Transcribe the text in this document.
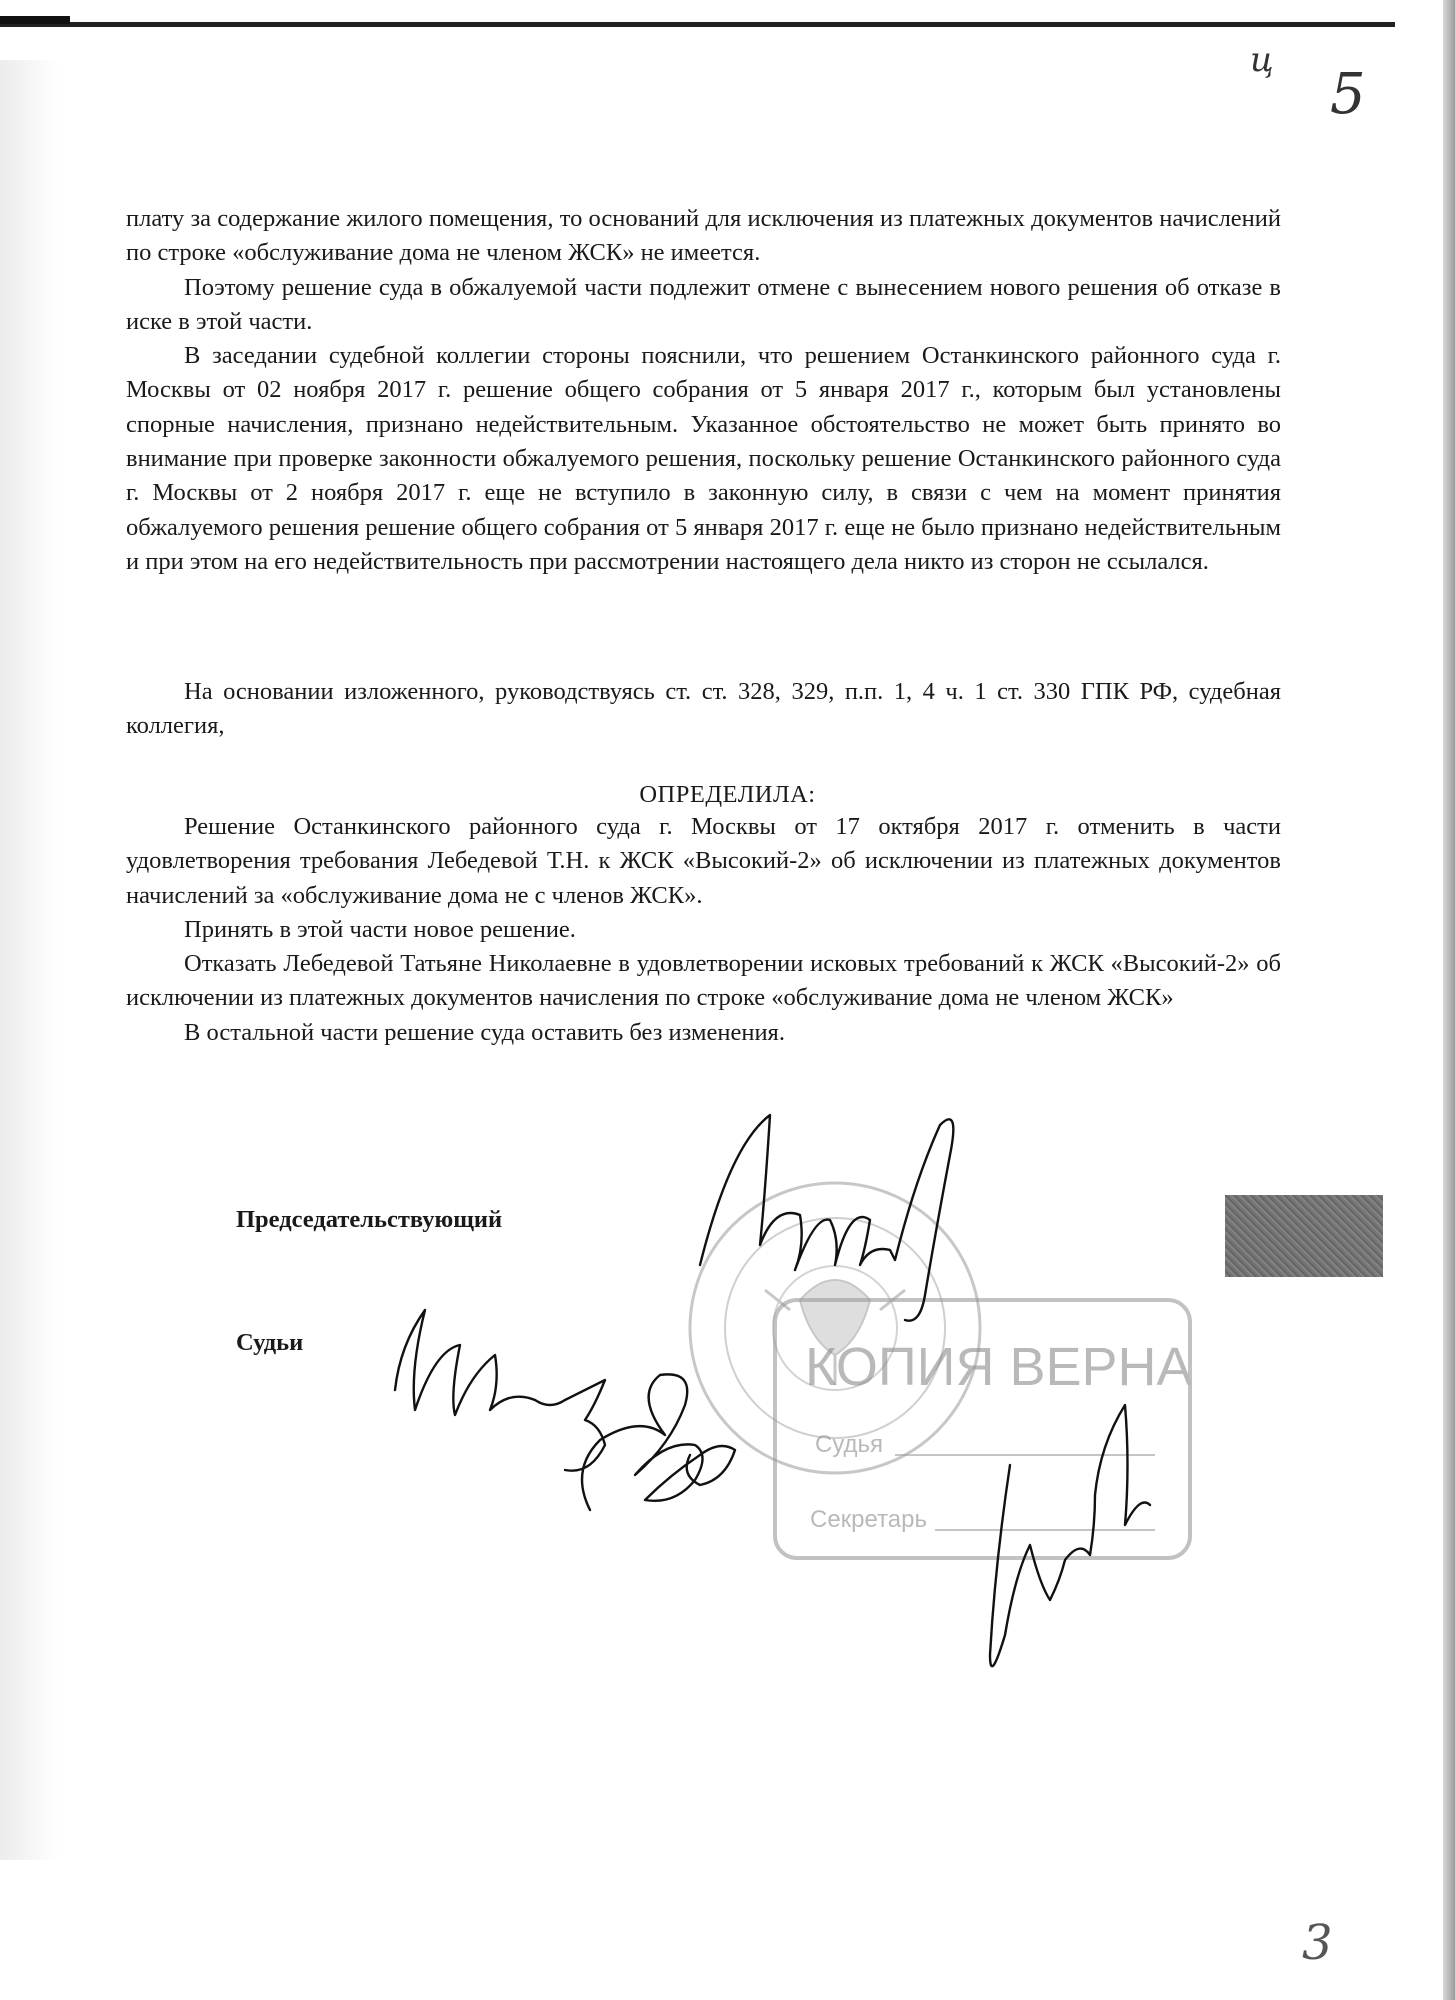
ц
5

плату за содержание жилого помещения, то оснований для исключения из платежных документов начислений по строке «обслуживание дома не членом ЖСК» не имеется.

Поэтому решение суда в обжалуемой части подлежит отмене с вынесением нового решения об отказе в иске в этой части.

В заседании судебной коллегии стороны пояснили, что решением Останкинского районного суда г. Москвы от 02 ноября 2017 г. решение общего собрания от 5 января 2017 г., которым был установлены спорные начисления, признано недействительным. Указанное обстоятельство не может быть принято во внимание при проверке законности обжалуемого решения, поскольку решение Останкинского районного суда г. Москвы от 2 ноября 2017 г. еще не вступило в законную силу, в связи с чем на момент принятия обжалуемого решения решение общего собрания от 5 января 2017 г. еще не было признано недействительным и при этом на его недействительность при рассмотрении настоящего дела никто из сторон не ссылался.

На основании изложенного, руководствуясь ст. ст. 328, 329, п.п. 1, 4 ч. 1 ст. 330 ГПК РФ, судебная коллегия,

ОПРЕДЕЛИЛА:

Решение Останкинского районного суда г. Москвы от 17 октября 2017 г. отменить в части удовлетворения требования Лебедевой Т.Н. к ЖСК «Высокий-2» об исключении из платежных документов начислений за «обслуживание дома не с членов ЖСК».

Принять в этой части новое решение.

Отказать Лебедевой Татьяне Николаевне в удовлетворении исковых требований к ЖСК «Высокий-2» об исключении из платежных документов начисления по строке «обслуживание дома не членом ЖСК»

В остальной части решение суда оставить без изменения.

Председательствующий
Судьи	КОПИЯ ВЕРНА
Судья
Секретарь
3
